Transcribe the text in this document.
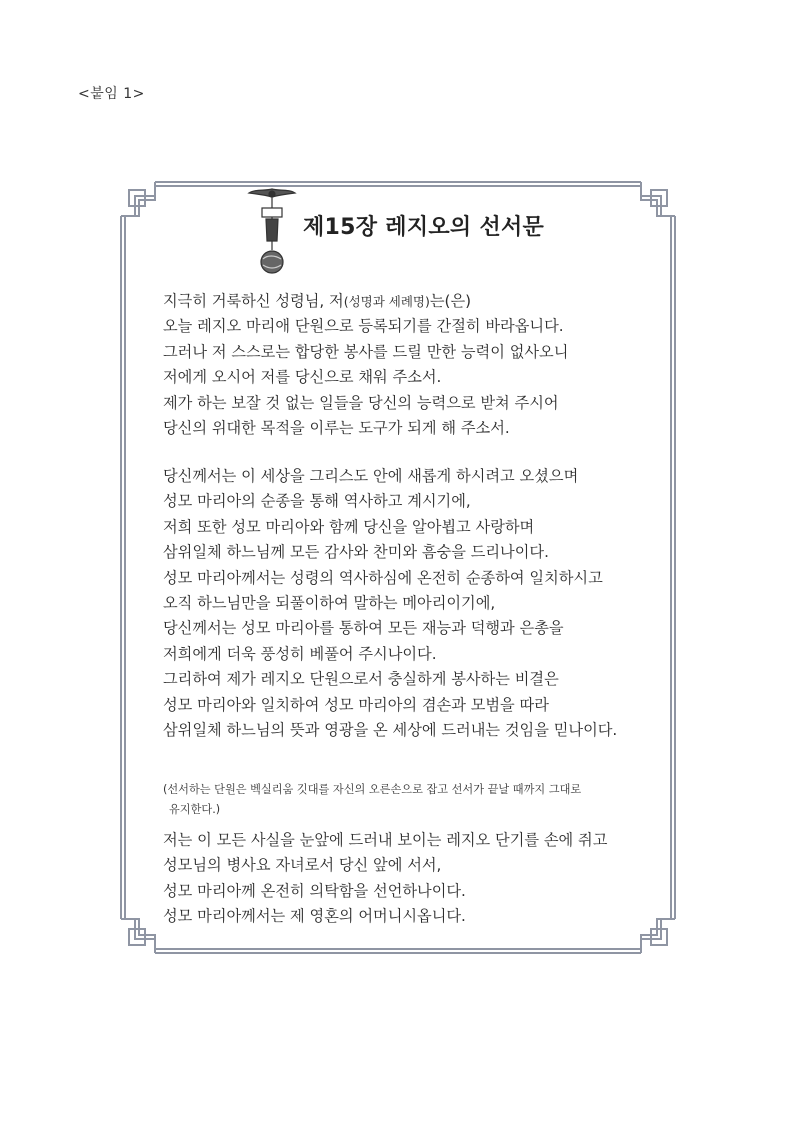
<붙임 1>
제15장 레지오의 선서문

지극히 거룩하신 성령님, 저(성명과 세례명)는(은)

오늘 레지오 마리애 단원으로 등록되기를 간절히 바라옵니다.

그러나 저 스스로는 합당한 봉사를 드릴 만한 능력이 없사오니

저에게 오시어 저를 당신으로 채워 주소서.

제가 하는 보잘 것 없는 일들을 당신의 능력으로 받쳐 주시어

당신의 위대한 목적을 이루는 도구가 되게 해 주소서.

당신께서는 이 세상을 그리스도 안에 새롭게 하시려고 오셨으며

성모 마리아의 순종을 통해 역사하고 계시기에,

저희 또한 성모 마리아와 함께 당신을 알아뵙고 사랑하며

삼위일체 하느님께 모든 감사와 찬미와 흠숭을 드리나이다.

성모 마리아께서는 성령의 역사하심에 온전히 순종하여 일치하시고

오직 하느님만을 되풀이하여 말하는 메아리이기에,

당신께서는 성모 마리아를 통하여 모든 재능과 덕행과 은총을

저희에게 더욱 풍성히 베풀어 주시나이다.

그리하여 제가 레지오 단원으로서 충실하게 봉사하는 비결은

성모 마리아와 일치하여 성모 마리아의 겸손과 모범을 따라

삼위일체 하느님의 뜻과 영광을 온 세상에 드러내는 것임을 믿나이다.

(선서하는 단원은 벡실리움 깃대를 자신의 오른손으로 잡고 선서가 끝날 때까지 그대로

유지한다.)

저는 이 모든 사실을 눈앞에 드러내 보이는 레지오 단기를 손에 쥐고

성모님의 병사요 자녀로서 당신 앞에 서서,

성모 마리아께 온전히 의탁함을 선언하나이다.

성모 마리아께서는 제 영혼의 어머니시옵니다.
